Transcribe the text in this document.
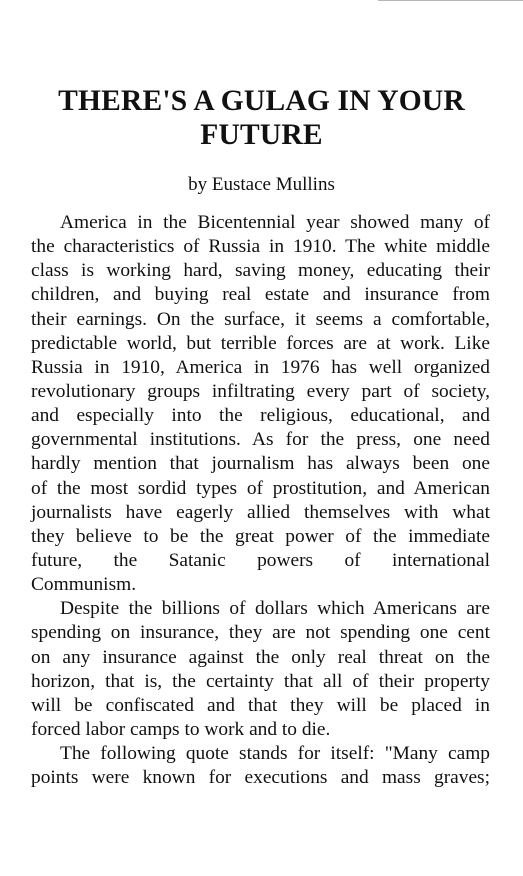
THERE'S A GULAG IN YOUR
FUTURE
by Eustace Mullins
America in the Bicentennial year showed many of
the characteristics of Russia in 1910. The white middle
class is working hard, saving money, educating their
children, and buying real estate and insurance from
their earnings. On the surface, it seems a comfortable,
predictable world, but terrible forces are at work. Like
Russia in 1910, America in 1976 has well organized
revolutionary groups infiltrating every part of society,
and especially into the religious, educational, and
governmental institutions. As for the press, one need
hardly mention that journalism has always been one
of the most sordid types of prostitution, and American
journalists have eagerly allied themselves with what
they believe to be the great power of the immediate
future, the Satanic powers of international
Communism.
Despite the billions of dollars which Americans are
spending on insurance, they are not spending one cent
on any insurance against the only real threat on the
horizon, that is, the certainty that all of their property
will be confiscated and that they will be placed in
forced labor camps to work and to die.
The following quote stands for itself: "Many camp
points were known for executions and mass graves;
